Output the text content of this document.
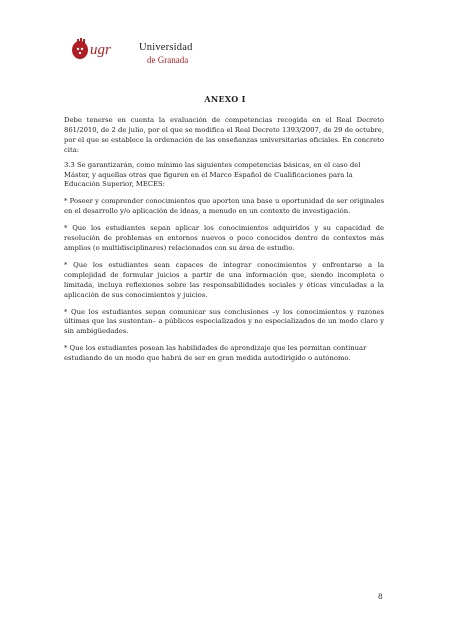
ugr	Universidad
de Granada
ANEXO I

Debe tenerse en cuenta la evaluación de competencias recogida en el Real Decreto 861/2010, de 2 de julio, por el que se modifica el Real Decreto 1393/2007, de 29 de octubre, por el que se establece la ordenación de las enseñanzas universitarias oficiales. En concreto cita:

3.3 Se garantizarán, como mínimo las siguientes competencias básicas, en el caso del Máster, y aquellas otras que figuren en el Marco Español de Cualificaciones para la Educación Superior, MECES:

* Poseer y comprender conocimientos que aporten una base u oportunidad de ser originales en el desarrollo y/o aplicación de ideas, a menudo en un contexto de investigación.

* Que los estudiantes sepan aplicar los conocimientos adquiridos y su capacidad de resolución de problemas en entornos nuevos o poco conocidos dentro de contextos más amplios (o multidisciplinares) relacionados con su área de estudio.

* Que los estudiantes sean capaces de integrar conocimientos y enfrentarse a la complejidad de formular juicios a partir de una información que, siendo incompleta o limitada, incluya reflexiones sobre las responsabilidades sociales y éticas vinculadas a la aplicación de sus conocimientos y juicios.

* Que los estudiantes sepan comunicar sus conclusiones –y los conocimientos y razones últimas que las sustentan– a públicos especializados y no especializados de un modo claro y sin ambigüedades.

* Que los estudiantes posean las habilidades de aprendizaje que les permitan continuar estudiando de un modo que habrá de ser en gran medida autodirigido o autónomo.

8
